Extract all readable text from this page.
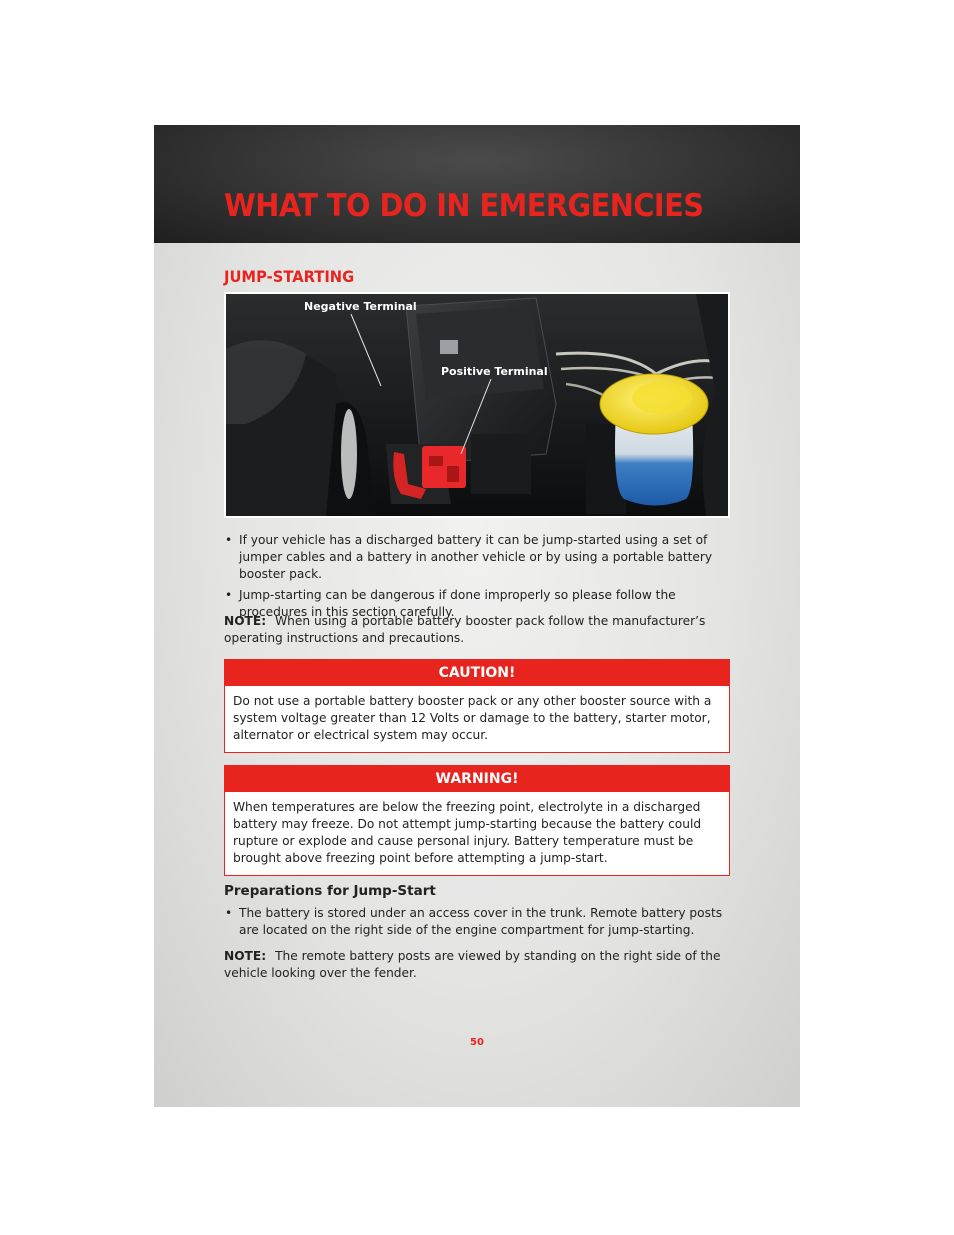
WHAT TO DO IN EMERGENCIES
JUMP-STARTING
Negative Terminal
Positive Terminal
• If your vehicle has a discharged battery it can be jump-started using a set of jumper cables and a battery in another vehicle or by using a portable battery booster pack.
• Jump-starting can be dangerous if done improperly so please follow the procedures in this section carefully.

NOTE: When using a portable battery booster pack follow the manufacturer’s operating instructions and precautions.

CAUTION!
Do not use a portable battery booster pack or any other booster source with a system voltage greater than 12 Volts or damage to the battery, starter motor, alternator or electrical system may occur.
WARNING!
When temperatures are below the freezing point, electrolyte in a discharged battery may freeze. Do not attempt jump-starting because the battery could rupture or explode and cause personal injury. Battery temperature must be brought above freezing point before attempting a jump-start.
Preparations for Jump-Start
• The battery is stored under an access cover in the trunk. Remote battery posts are located on the right side of the engine compartment for jump-starting.

NOTE: The remote battery posts are viewed by standing on the right side of the vehicle looking over the fender.

50
